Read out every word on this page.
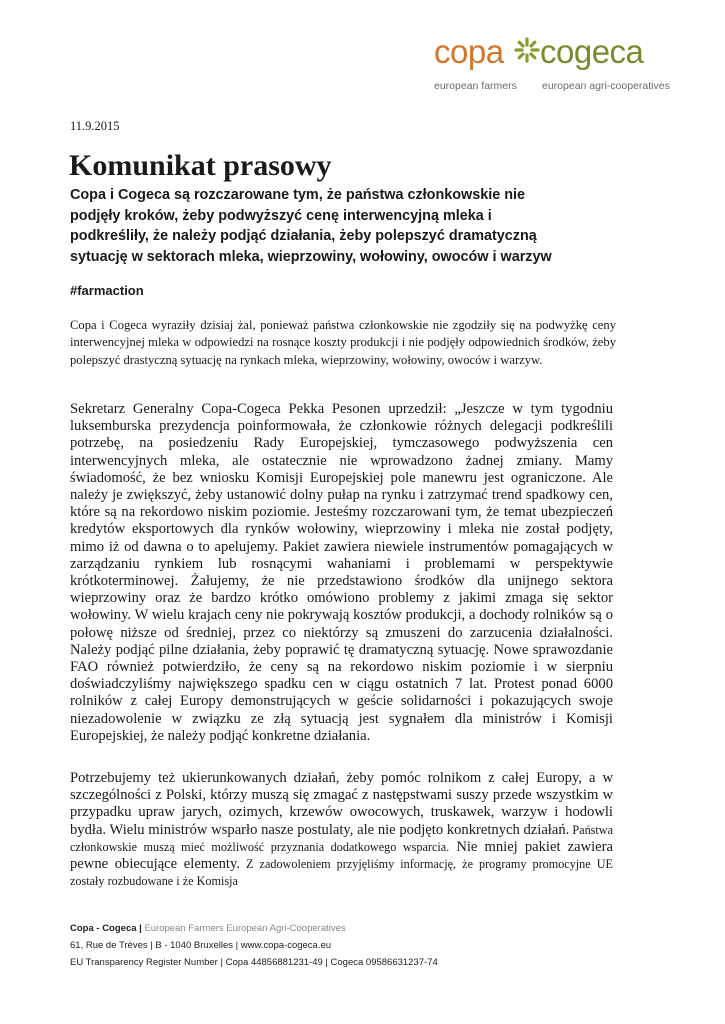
copa cogeca
european farmers european agri-cooperatives
11.9.2015
Komunikat prasowy

Copa i Cogeca są rozczarowane tym, że państwa członkowskie nie podjęły kroków, żeby podwyższyć cenę interwencyjną mleka i podkreśliły, że należy podjąć działania, żeby polepszyć dramatyczną sytuację w sektorach mleka, wieprzowiny, wołowiny, owoców i warzyw

#farmaction

Copa i Cogeca wyraziły dzisiaj żal, ponieważ państwa członkowskie nie zgodziły się na podwyżkę ceny interwencyjnej mleka w odpowiedzi na rosnące koszty produkcji i nie podjęły odpowiednich środków, żeby polepszyć drastyczną sytuację na rynkach mleka, wieprzowiny, wołowiny, owoców i warzyw.

Sekretarz Generalny Copa-Cogeca Pekka Pesonen uprzedził: „Jeszcze w tym tygodniu luksemburska prezydencja poinformowała, że członkowie różnych delegacji podkreślili potrzebę, na posiedzeniu Rady Europejskiej, tymczasowego podwyższenia cen interwencyjnych mleka, ale ostatecznie nie wprowadzono żadnej zmiany. Mamy świadomość, że bez wniosku Komisji Europejskiej pole manewru jest ograniczone. Ale należy je zwiększyć, żeby ustanowić dolny pułap na rynku i zatrzymać trend spadkowy cen, które są na rekordowo niskim poziomie. Jesteśmy rozczarowani tym, że temat ubezpieczeń kredytów eksportowych dla rynków wołowiny, wieprzowiny i mleka nie został podjęty, mimo iż od dawna o to apelujemy. Pakiet zawiera niewiele instrumentów pomagających w zarządzaniu rynkiem lub rosnącymi wahaniami i problemami w perspektywie krótkoterminowej. Żałujemy, że nie przedstawiono środków dla unijnego sektora wieprzowiny oraz że bardzo krótko omówiono problemy z jakimi zmaga się sektor wołowiny. W wielu krajach ceny nie pokrywają kosztów produkcji, a dochody rolników są o połowę niższe od średniej, przez co niektórzy są zmuszeni do zarzucenia działalności. Należy podjąć pilne działania, żeby poprawić tę dramatyczną sytuację. Nowe sprawozdanie FAO również potwierdziło, że ceny są na rekordowo niskim poziomie i w sierpniu doświadczyliśmy największego spadku cen w ciągu ostatnich 7 lat. Protest ponad 6000 rolników z całej Europy demonstrujących w geście solidarności i pokazujących swoje niezadowolenie w związku ze złą sytuacją jest sygnałem dla ministrów i Komisji Europejskiej, że należy podjąć konkretne działania.

Potrzebujemy też ukierunkowanych działań, żeby pomóc rolnikom z całej Europy, a w szczególności z Polski, którzy muszą się zmagać z następstwami suszy przede wszystkim w przypadku upraw jarych, ozimych, krzewów owocowych, truskawek, warzyw i hodowli bydła. Wielu ministrów wsparło nasze postulaty, ale nie podjęto konkretnych działań. Państwa członkowskie muszą mieć możliwość przyznania dodatkowego wsparcia. Nie mniej pakiet zawiera pewne obiecujące elementy. Z zadowoleniem przyjęliśmy informację, że programy promocyjne UE zostały rozbudowane i że Komisja

Copa - Cogeca | European Farmers European Agri-Cooperatives
61, Rue de Trèves | B - 1040 Bruxelles | www.copa-cogeca.eu
EU Transparency Register Number | Copa 44856881231-49 | Cogeca 09586631237-74
